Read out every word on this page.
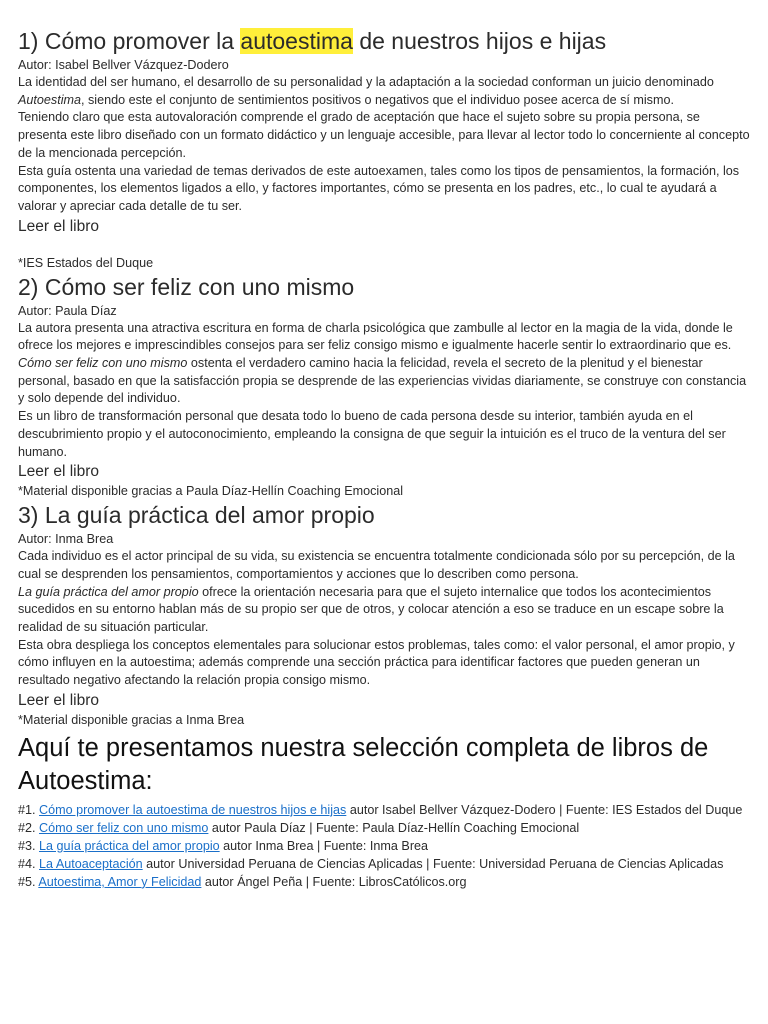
1) Cómo promover la autoestima de nuestros hijos e hijas

Autor: Isabel Bellver Vázquez-Dodero

La identidad del ser humano, el desarrollo de su personalidad y la adaptación a la sociedad conforman un juicio denominado Autoestima, siendo este el conjunto de sentimientos positivos o negativos que el individuo posee acerca de sí mismo.

Teniendo claro que esta autovaloración comprende el grado de aceptación que hace el sujeto sobre su propia persona, se presenta este libro diseñado con un formato didáctico y un lenguaje accesible, para llevar al lector todo lo concerniente al concepto de la mencionada percepción.

Esta guía ostenta una variedad de temas derivados de este autoexamen, tales como los tipos de pensamientos, la formación, los componentes, los elementos ligados a ello, y factores importantes, cómo se presenta en los padres, etc., lo cual te ayudará a valorar y apreciar cada detalle de tu ser.

Leer el libro

*IES Estados del Duque

2) Cómo ser feliz con uno mismo

Autor: Paula Díaz

La autora presenta una atractiva escritura en forma de charla psicológica que zambulle al lector en la magia de la vida, donde le ofrece los mejores e imprescindibles consejos para ser feliz consigo mismo e igualmente hacerle sentir lo extraordinario que es.

Cómo ser feliz con uno mismo ostenta el verdadero camino hacia la felicidad, revela el secreto de la plenitud y el bienestar personal, basado en que la satisfacción propia se desprende de las experiencias vividas diariamente, se construye con constancia y solo depende del individuo.

Es un libro de transformación personal que desata todo lo bueno de cada persona desde su interior, también ayuda en el descubrimiento propio y el autoconocimiento, empleando la consigna de que seguir la intuición es el truco de la ventura del ser humano.

Leer el libro

*Material disponible gracias a Paula Díaz-Hellín Coaching Emocional

3) La guía práctica del amor propio

Autor: Inma Brea

Cada individuo es el actor principal de su vida, su existencia se encuentra totalmente condicionada sólo por su percepción, de la cual se desprenden los pensamientos, comportamientos y acciones que lo describen como persona.

La guía práctica del amor propio ofrece la orientación necesaria para que el sujeto internalice que todos los acontecimientos sucedidos en su entorno hablan más de su propio ser que de otros, y colocar atención a eso se traduce en un escape sobre la realidad de su situación particular.

Esta obra despliega los conceptos elementales para solucionar estos problemas, tales como: el valor personal, el amor propio, y cómo influyen en la autoestima; además comprende una sección práctica para identificar factores que pueden generan un resultado negativo afectando la relación propia consigo mismo.

Leer el libro

*Material disponible gracias a Inma Brea

Aquí te presentamos nuestra selección completa de libros de Autoestima:

#1. Cómo promover la autoestima de nuestros hijos e hijas autor Isabel Bellver Vázquez-Dodero | Fuente: IES Estados del Duque

#2. Cómo ser feliz con uno mismo autor Paula Díaz | Fuente: Paula Díaz-Hellín Coaching Emocional

#3. La guía práctica del amor propio autor Inma Brea | Fuente: Inma Brea

#4. La Autoaceptación autor Universidad Peruana de Ciencias Aplicadas | Fuente: Universidad Peruana de Ciencias Aplicadas

#5. Autoestima, Amor y Felicidad autor Ángel Peña | Fuente: LibrosCatólicos.org
